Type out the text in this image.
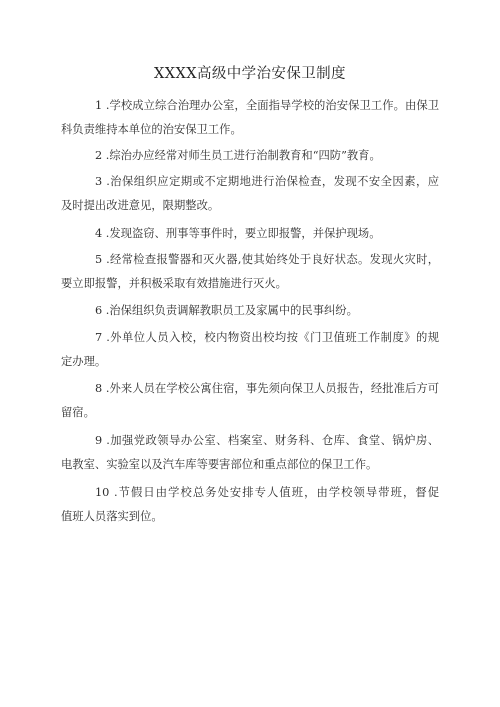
XXXX高级中学治安保卫制度

1 .学校成立综合治理办公室，全面指导学校的治安保卫工作。由保卫
科负责维持本单位的治安保卫工作。

2 .综治办应经常对师生员工进行治制教育和“四防”教育。

3 .治保组织应定期或不定期地进行治保检查，发现不安全因素，应
及时提出改进意见，限期整改。

4 .发现盗窃、刑事等事件时，要立即报警，并保护现场。

5 .经常检查报警器和灭火器,使其始终处于良好状态。发现火灾时，
要立即报警，并积极采取有效措施进行灭火。

6 .治保组织负责调解教职员工及家属中的民事纠纷。

7 .外单位人员入校，校内物资出校均按《门卫值班工作制度》的规
定办理。

8 .外来人员在学校公寓住宿，事先须向保卫人员报告，经批准后方可
留宿。

9 .加强党政领导办公室、档案室、财务科、仓库、食堂、锅炉房、
电教室、实验室以及汽车库等要害部位和重点部位的保卫工作。

10 .节假日由学校总务处安排专人值班，由学校领导带班，督促
值班人员落实到位。
